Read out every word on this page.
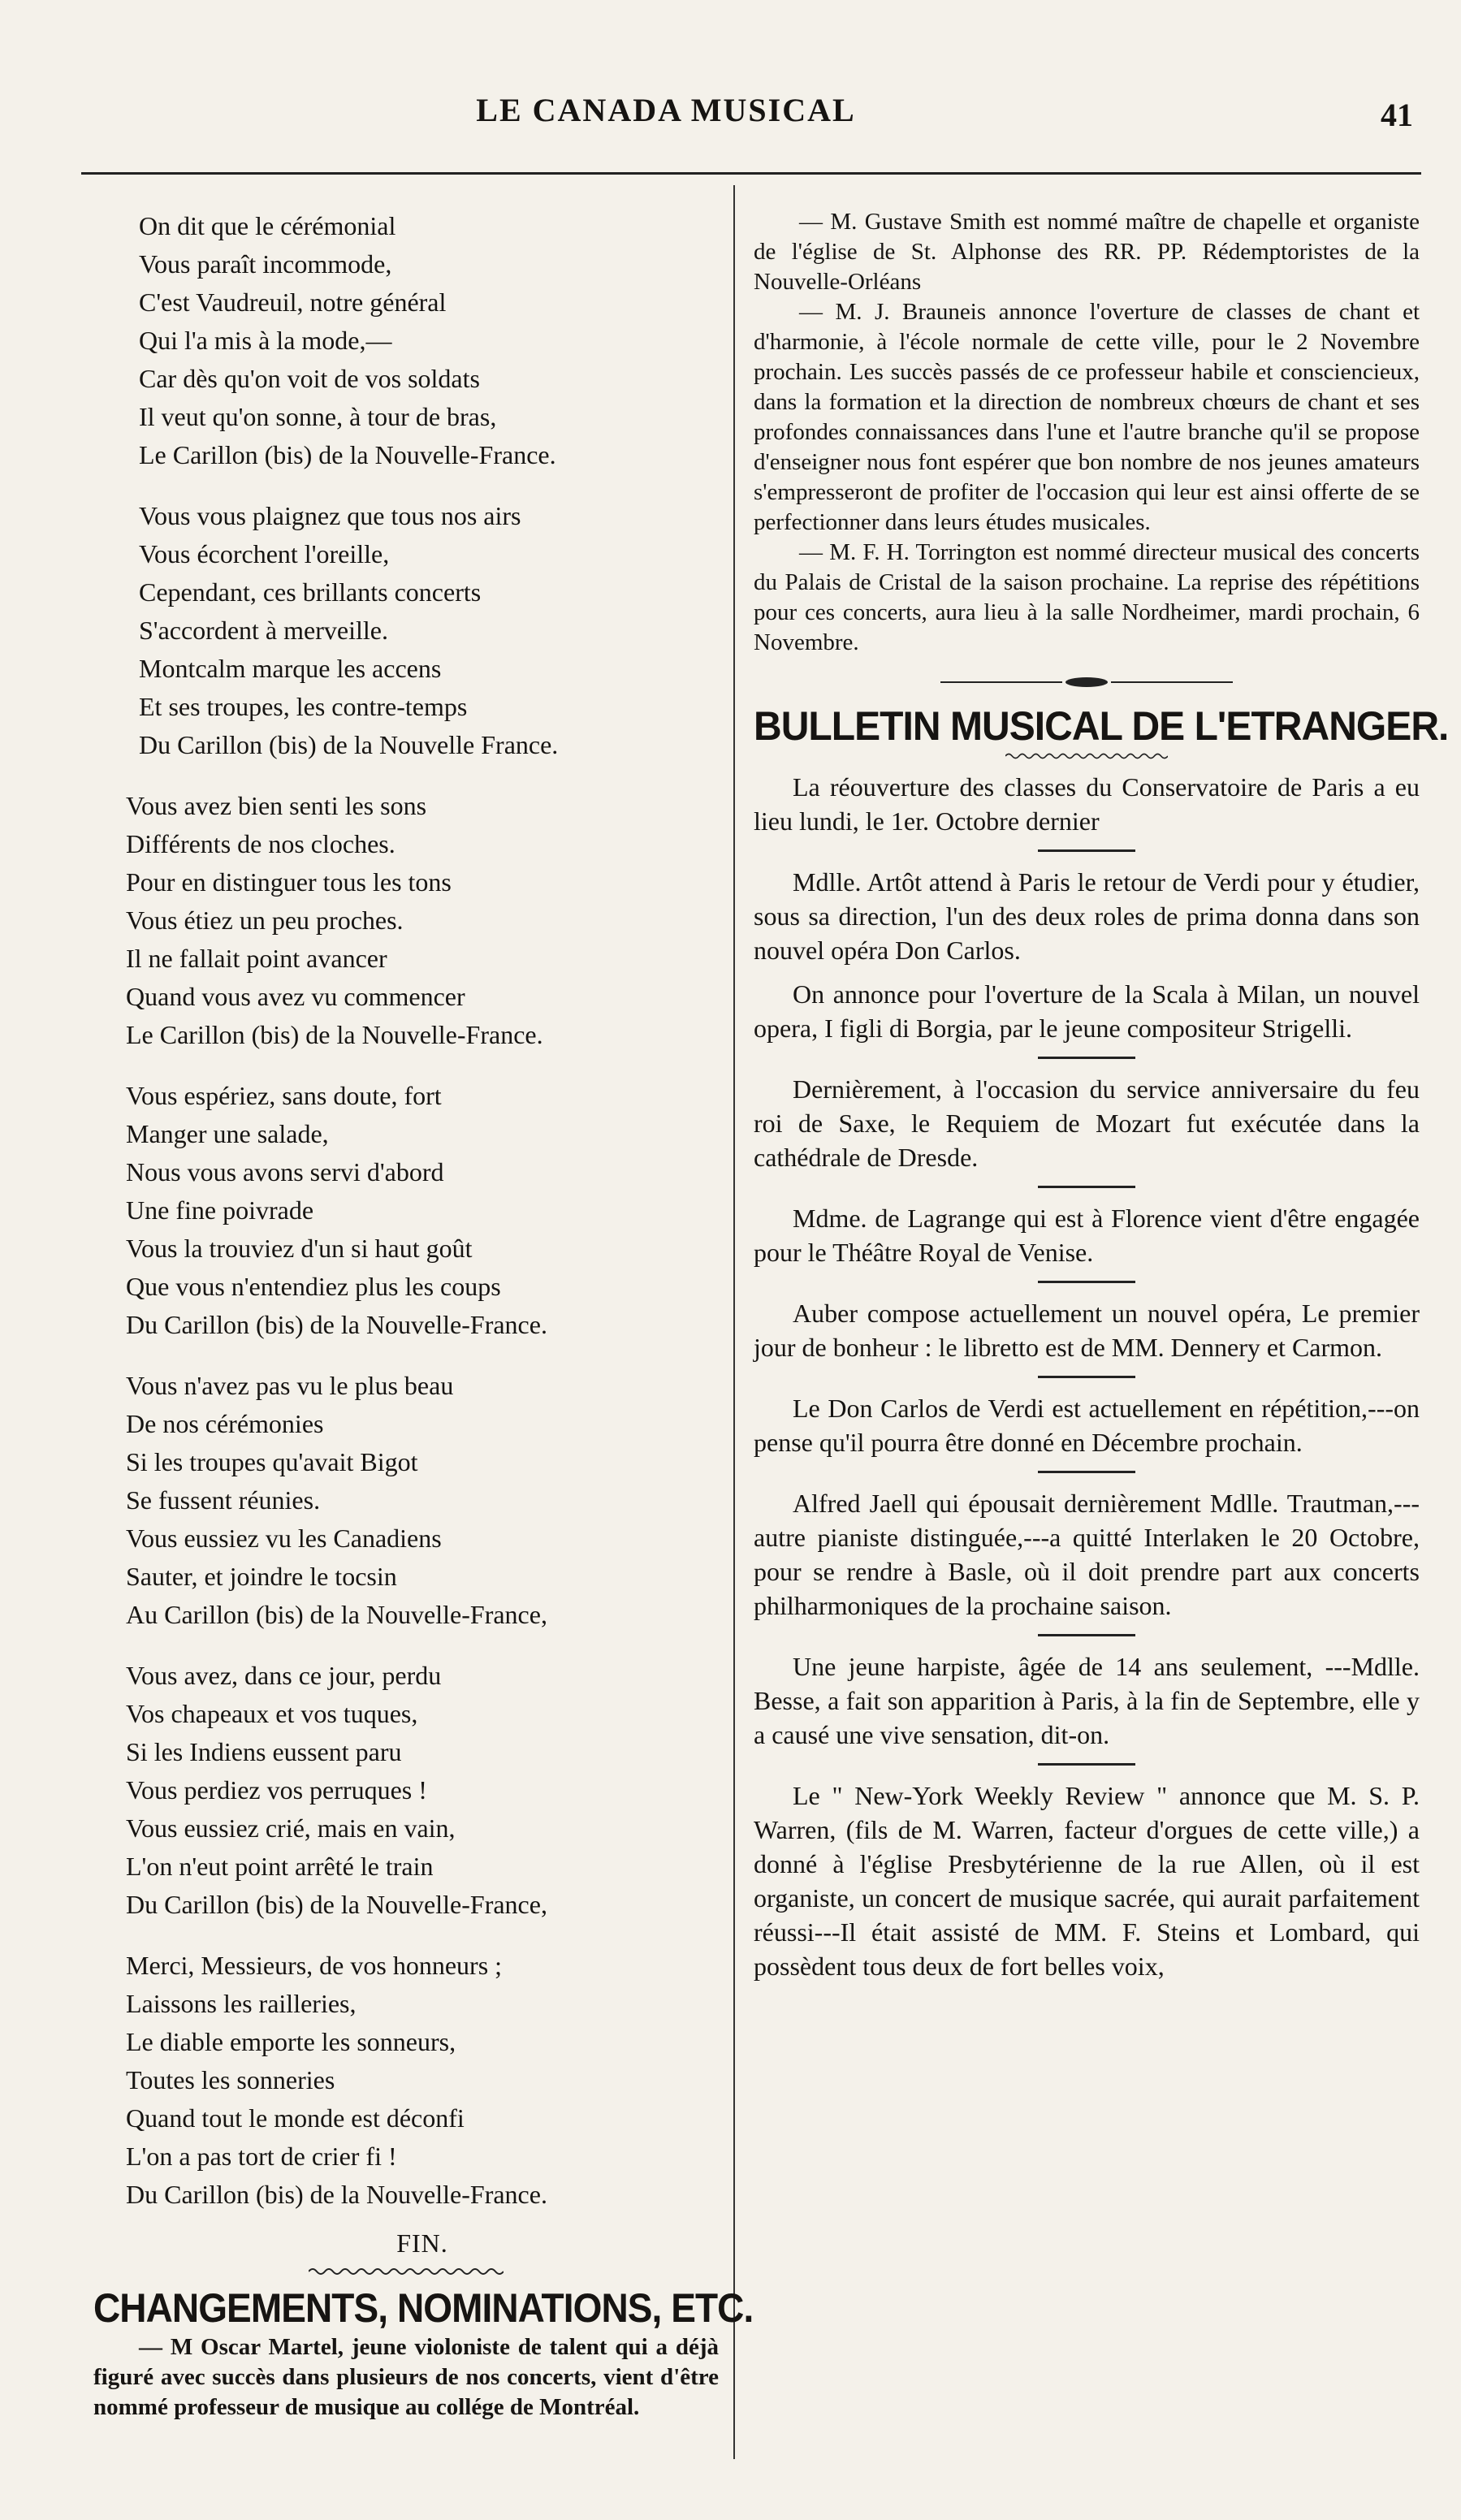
LE CANADA MUSICAL	41
On dit que le cérémonial
Vous paraît incommode,
C'est Vaudreuil, notre général
Qui l'a mis à la mode,—
Car dès qu'on voit de vos soldats
Il veut qu'on sonne, à tour de bras,
Le Carillon (bis) de la Nouvelle-France.
Vous vous plaignez que tous nos airs
Vous écorchent l'oreille,
Cependant, ces brillants concerts
S'accordent à merveille.
Montcalm marque les accens
Et ses troupes, les contre-temps
Du Carillon (bis) de la Nouvelle France.
Vous avez bien senti les sons
Différents de nos cloches.
Pour en distinguer tous les tons
Vous étiez un peu proches.
Il ne fallait point avancer
Quand vous avez vu commencer
Le Carillon (bis) de la Nouvelle-France.
Vous espériez, sans doute, fort
Manger une salade,
Nous vous avons servi d'abord
Une fine poivrade
Vous la trouviez d'un si haut goût
Que vous n'entendiez plus les coups
Du Carillon (bis) de la Nouvelle-France.
Vous n'avez pas vu le plus beau
De nos cérémonies
Si les troupes qu'avait Bigot
Se fussent réunies.
Vous eussiez vu les Canadiens
Sauter, et joindre le tocsin
Au Carillon (bis) de la Nouvelle-France,
Vous avez, dans ce jour, perdu
Vos chapeaux et vos tuques,
Si les Indiens eussent paru
Vous perdiez vos perruques !
Vous eussiez crié, mais en vain,
L'on n'eut point arrêté le train
Du Carillon (bis) de la Nouvelle-France,
Merci, Messieurs, de vos honneurs ;
Laissons les railleries,
Le diable emporte les sonneurs,
Toutes les sonneries
Quand tout le monde est déconfi
L'on a pas tort de crier fi !
Du Carillon (bis) de la Nouvelle-France.
FIN.
CHANGEMENTS, NOMINATIONS, ETC.

— M Oscar Martel, jeune violoniste de talent qui a déjà figuré avec succès dans plusieurs de nos concerts, vient d'être nommé professeur de musique au collége de Montréal.

— M. Gustave Smith est nommé maître de chapelle et organiste de l'église de St. Alphonse des RR. PP. Rédemptoristes de la Nouvelle-Orléans

— M. J. Brauneis annonce l'overture de classes de chant et d'harmonie, à l'école normale de cette ville, pour le 2 Novembre prochain. Les succès passés de ce professeur habile et consciencieux, dans la formation et la direction de nombreux chœurs de chant et ses profondes connaissances dans l'une et l'autre branche qu'il se propose d'enseigner nous font espérer que bon nombre de nos jeunes amateurs s'empresseront de profiter de l'occasion qui leur est ainsi offerte de se perfectionner dans leurs études musicales.

— M. F. H. Torrington est nommé directeur musical des concerts du Palais de Cristal de la saison prochaine. La reprise des répétitions pour ces concerts, aura lieu à la salle Nordheimer, mardi prochain, 6 Novembre.

BULLETIN MUSICAL DE L'ETRANGER.

La réouverture des classes du Conservatoire de Paris a eu lieu lundi, le 1er. Octobre dernier

Mdlle. Artôt attend à Paris le retour de Verdi pour y étudier, sous sa direction, l'un des deux roles de prima donna dans son nouvel opéra Don Carlos.

On annonce pour l'overture de la Scala à Milan, un nouvel opera, I figli di Borgia, par le jeune compositeur Strigelli.

Dernièrement, à l'occasion du service anniversaire du feu roi de Saxe, le Requiem de Mozart fut exécutée dans la cathédrale de Dresde.

Mdme. de Lagrange qui est à Florence vient d'être engagée pour le Théâtre Royal de Venise.

Auber compose actuellement un nouvel opéra, Le premier jour de bonheur : le libretto est de MM. Dennery et Carmon.

Le Don Carlos de Verdi est actuellement en répétition,---on pense qu'il pourra être donné en Décembre prochain.

Alfred Jaell qui épousait dernièrement Mdlle. Trautman,---autre pianiste distinguée,---a quitté Interlaken le 20 Octobre, pour se rendre à Basle, où il doit prendre part aux concerts philharmoniques de la prochaine saison.

Une jeune harpiste, âgée de 14 ans seulement, ---Mdlle. Besse, a fait son apparition à Paris, à la fin de Septembre, elle y a causé une vive sensation, dit-on.

Le " New-York Weekly Review " annonce que M. S. P. Warren, (fils de M. Warren, facteur d'orgues de cette ville,) a donné à l'église Presbytérienne de la rue Allen, où il est organiste, un concert de musique sacrée, qui aurait parfaitement réussi---Il était assisté de MM. F. Steins et Lombard, qui possèdent tous deux de fort belles voix,
